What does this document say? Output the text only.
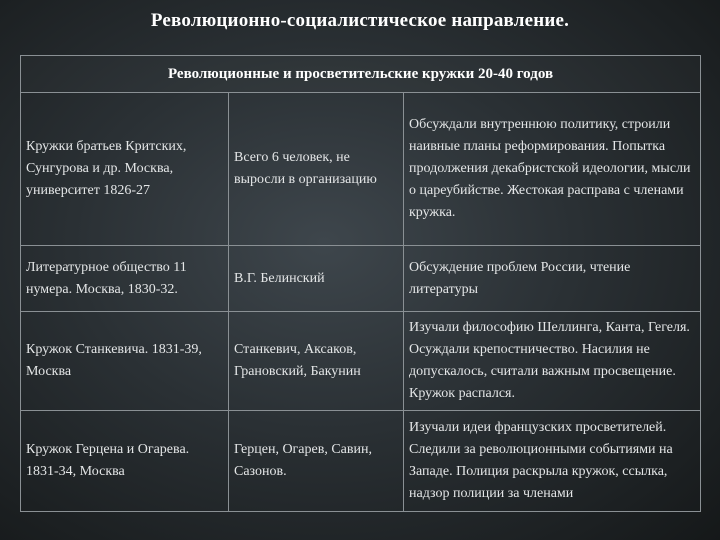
Революционно-социалистическое направление.
Революционные и просветительские кружки 20-40 годов		
Кружки братьев Критских, Сунгурова и др. Москва, университет 1826-27	Всего 6 человек, не выросли в организацию	Обсуждали внутреннюю политику, строили наивные планы реформирования. Попытка продолжения декабристской идеологии, мысли о цареубийстве. Жестокая расправа с членами кружка.
Литературное общество 11 нумера. Москва, 1830-32.	В.Г. Белинский	Обсуждение проблем России, чтение литературы
Кружок Станкевича. 1831-39, Москва	Станкевич, Аксаков, Грановский, Бакунин	Изучали философию Шеллинга, Канта, Гегеля. Осуждали крепостничество. Насилия не допускалось, считали важным просвещение. Кружок распался.
Кружок Герцена и Огарева. 1831-34, Москва	Герцен, Огарев, Савин, Сазонов.	Изучали идеи французских просветителей. Следили за революционными событиями на Западе. Полиция раскрыла кружок, ссылка, надзор полиции за членами
